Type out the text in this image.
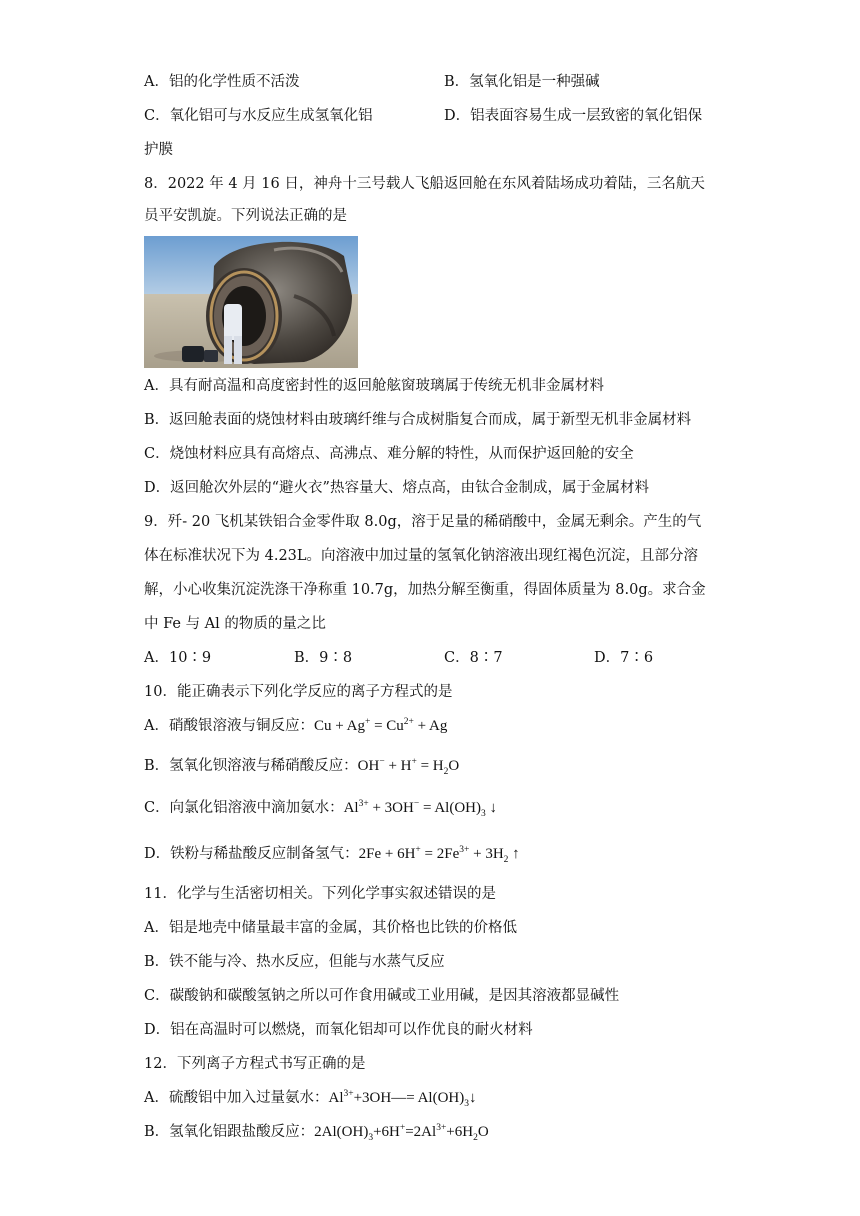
A．铝的化学性质不活泼	B．氢氧化铝是一种强碱
C．氧化铝可与水反应生成氢氧化铝	D．铝表面容易生成一层致密的氧化铝保
护膜
8．2022 年 4 月 16 日，神舟十三号载人飞船返回舱在东风着陆场成功着陆，三名航天
员平安凯旋。下列说法正确的是
A．具有耐高温和高度密封性的返回舱舷窗玻璃属于传统无机非金属材料
B．返回舱表面的烧蚀材料由玻璃纤维与合成树脂复合而成，属于新型无机非金属材料
C．烧蚀材料应具有高熔点、高沸点、难分解的特性，从而保护返回舱的安全
D．返回舱次外层的“避火衣”热容量大、熔点高，由钛合金制成，属于金属材料
9．歼- 20 飞机某铁铝合金零件取 8.0g，溶于足量的稀硝酸中，金属无剩余。产生的气
体在标准状况下为 4.23L。向溶液中加过量的氢氧化钠溶液出现红褐色沉淀，且部分溶
解，小心收集沉淀洗涤干净称重 10.7g，加热分解至衡重，得固体质量为 8.0g。求合金
中 Fe 与 Al 的物质的量之比
A．10∶9	B．9∶8	C．8∶7	D．7∶6
10．能正确表示下列化学反应的离子方程式的是
A．硝酸银溶液与铜反应：$Cu + Ag^+ = Cu^{2+} + Ag$
B．氢氧化钡溶液与稀硝酸反应：$OH^- + H^+ = H_2O$
C．向氯化铝溶液中滴加氨水：$Al^{3+} + 3OH^- = Al(OH)_3$ ↓
D．铁粉与稀盐酸反应制备氢气：$2Fe + 6H^+ = 2Fe^{3+} + 3H_2$ ↑
11．化学与生活密切相关。下列化学事实叙述错误的是
A．铝是地壳中储量最丰富的金属，其价格也比铁的价格低
B．铁不能与冷、热水反应，但能与水蒸气反应
C．碳酸钠和碳酸氢钠之所以可作食用碱或工业用碱，是因其溶液都显碱性
D．铝在高温时可以燃烧，而氧化铝却可以作优良的耐火材料
12．下列离子方程式书写正确的是
A．硫酸铝中加入过量氨水：$Al^{3+}+3OH—=$ $Al(OH)_3↓$
B．氢氧化铝跟盐酸反应：$2Al(OH)_3+6H^+=2Al^{3+}+6H_2O$
